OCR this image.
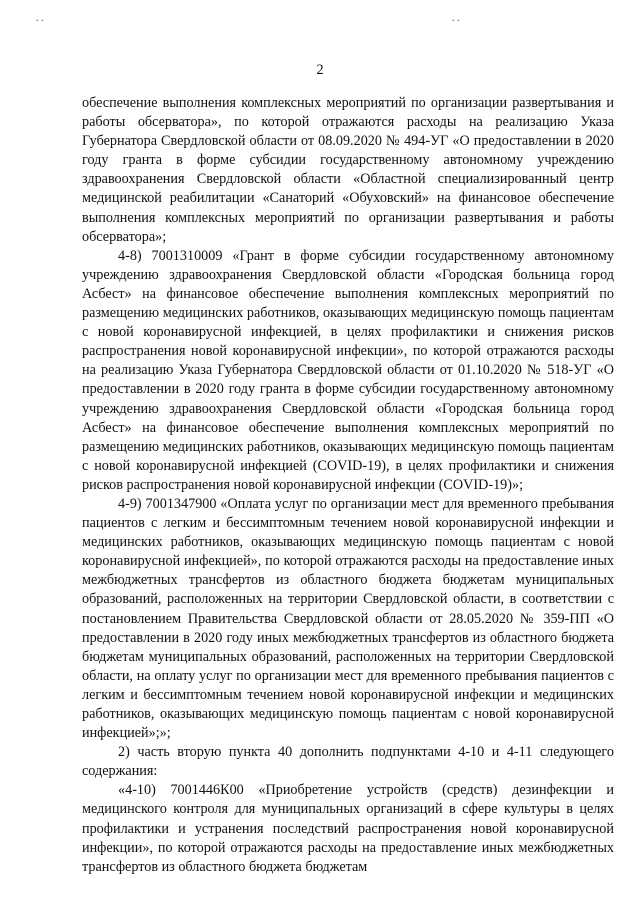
. .	. .
2

обеспечение выполнения комплексных мероприятий по организации развертывания и работы обсерватора», по которой отражаются расходы на реализацию Указа Губернатора Свердловской области от 08.09.2020 № 494-УГ «О предоставлении в 2020 году гранта в форме субсидии государственному автономному учреждению здравоохранения Свердловской области «Областной специализированный центр медицинской реабилитации «Санаторий «Обуховский» на финансовое обеспечение выполнения комплексных мероприятий по организации развертывания и работы обсерватора»;

4-8) 7001310009 «Грант в форме субсидии государственному автономному учреждению здравоохранения Свердловской области «Городская больница город Асбест» на финансовое обеспечение выполнения комплексных мероприятий по размещению медицинских работников, оказывающих медицинскую помощь пациентам с новой коронавирусной инфекцией, в целях профилактики и снижения рисков распространения новой коронавирусной инфекции», по которой отражаются расходы на реализацию Указа Губернатора Свердловской области от 01.10.2020 № 518-УГ «О предоставлении в 2020 году гранта в форме субсидии государственному автономному учреждению здравоохранения Свердловской области «Городская больница город Асбест» на финансовое обеспечение выполнения комплексных мероприятий по размещению медицинских работников, оказывающих медицинскую помощь пациентам с новой коронавирусной инфекцией (COVID-19), в целях профилактики и снижения рисков распространения новой коронавирусной инфекции (COVID-19)»;

4-9) 7001347900 «Оплата услуг по организации мест для временного пребывания пациентов с легким и бессимптомным течением новой коронавирусной инфекции и медицинских работников, оказывающих медицинскую помощь пациентам с новой коронавирусной инфекцией», по которой отражаются расходы на предоставление иных межбюджетных трансфертов из областного бюджета бюджетам муниципальных образований, расположенных на территории Свердловской области, в соответствии с постановлением Правительства Свердловской области от 28.05.2020 № 359-ПП «О предоставлении в 2020 году иных межбюджетных трансфертов из областного бюджета бюджетам муниципальных образований, расположенных на территории Свердловской области, на оплату услуг по организации мест для временного пребывания пациентов с легким и бессимптомным течением новой коронавирусной инфекции и медицинских работников, оказывающих медицинскую помощь пациентам с новой коронавирусной инфекцией»;»;

2) часть вторую пункта 40 дополнить подпунктами 4-10 и 4-11 следующего содержания:

«4-10) 7001446К00 «Приобретение устройств (средств) дезинфекции и медицинского контроля для муниципальных организаций в сфере культуры в целях профилактики и устранения последствий распространения новой коронавирусной инфекции», по которой отражаются расходы на предоставление иных межбюджетных трансфертов из областного бюджета бюджетам
